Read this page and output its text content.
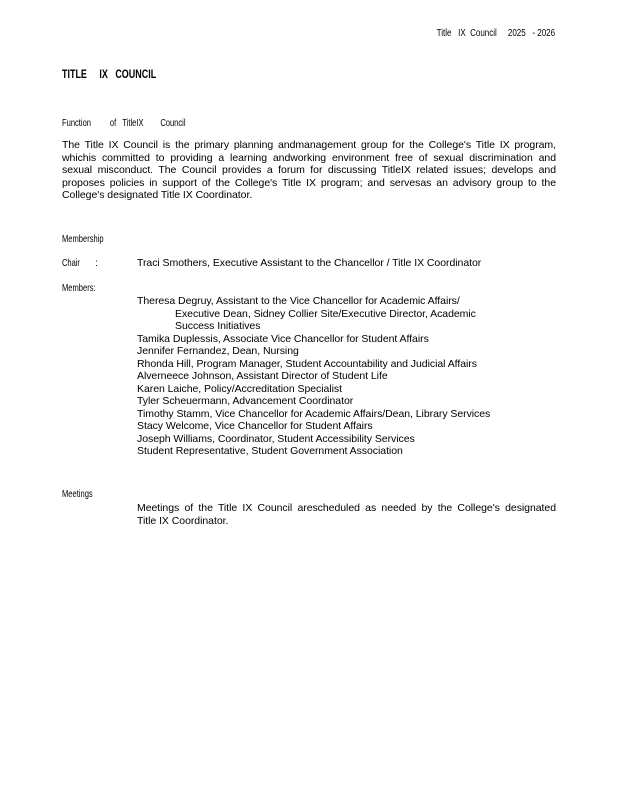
Title   IX  Council     2025   - 2026
TITLE     IX   COUNCIL
Function         of   TitleIX        Council
The Title IX Council is the primary planning andmanagement group for the College's Title IX program,
whichis committed to providing a learning andworking environment free of sexual discrimination and
sexual misconduct. The Council provides a forum for discussing TitleIX related issues; develops and
proposes policies in support of the College's Title IX program; and servesas an advisory group to the
College's designated Title IX Coordinator.
Membership
Chair :	Traci Smothers, Executive Assistant to the Chancellor / Title IX Coordinator
Members:
Theresa Degruy, Assistant to the Vice Chancellor for Academic Affairs/
Executive Dean, Sidney Collier Site/Executive Director, Academic
Success Initiatives
Tamika Duplessis, Associate Vice Chancellor for Student Affairs
Jennifer Fernandez, Dean, Nursing
Rhonda Hill, Program Manager, Student Accountability and Judicial Affairs
Alverneece Johnson, Assistant Director of Student Life
Karen Laiche, Policy/Accreditation Specialist
Tyler Scheuermann, Advancement Coordinator
Timothy Stamm, Vice Chancellor for Academic Affairs/Dean, Library Services
Stacy Welcome, Vice Chancellor for Student Affairs
Joseph Williams, Coordinator, Student Accessibility Services
Student Representative, Student Government Association
Meetings
Meetings of the Title IX Council arescheduled as needed by the College's designated
Title IX Coordinator.
